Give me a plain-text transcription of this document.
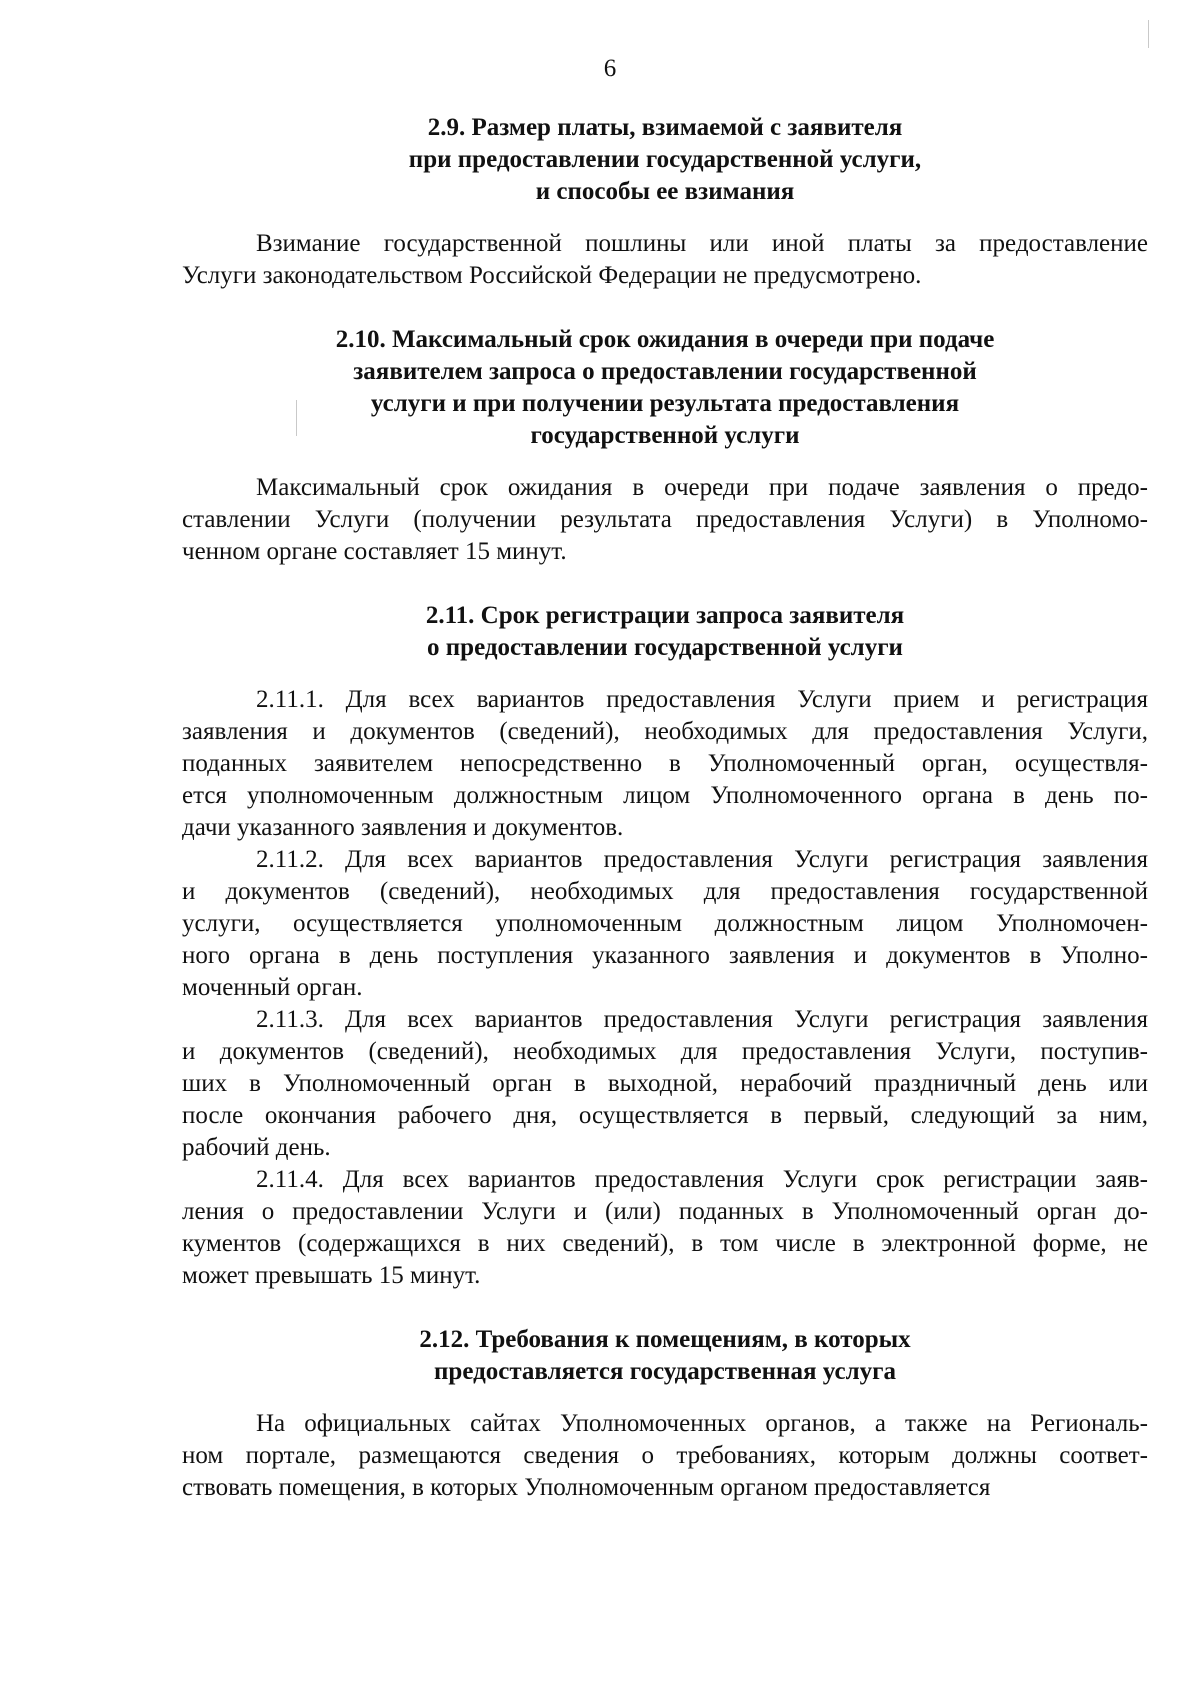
6
2.9. Размер платы, взимаемой с заявителя
при предоставлении государственной услуги,
и способы ее взимания
Взимание государственной пошлины или иной платы за предоставление
Услуги законодательством Российской Федерации не предусмотрено.
2.10. Максимальный срок ожидания в очереди при подаче
заявителем запроса о предоставлении государственной
услуги и при получении результата предоставления
государственной услуги
Максимальный срок ожидания в очереди при подаче заявления о предо-
ставлении Услуги (получении результата предоставления Услуги) в Уполномо-
ченном органе составляет 15 минут.
2.11. Срок регистрации запроса заявителя
о предоставлении государственной услуги
2.11.1. Для всех вариантов предоставления Услуги прием и регистрация
заявления и документов (сведений), необходимых для предоставления Услуги,
поданных заявителем непосредственно в Уполномоченный орган, осуществля-
ется уполномоченным должностным лицом Уполномоченного органа в день по-
дачи указанного заявления и документов.
2.11.2. Для всех вариантов предоставления Услуги регистрация заявления
и документов (сведений), необходимых для предоставления государственной
услуги, осуществляется уполномоченным должностным лицом Уполномочен-
ного органа в день поступления указанного заявления и документов в Уполно-
моченный орган.
2.11.3. Для всех вариантов предоставления Услуги регистрация заявления
и документов (сведений), необходимых для предоставления Услуги, поступив-
ших в Уполномоченный орган в выходной, нерабочий праздничный день или
после окончания рабочего дня, осуществляется в первый, следующий за ним,
рабочий день.
2.11.4. Для всех вариантов предоставления Услуги срок регистрации заяв-
ления о предоставлении Услуги и (или) поданных в Уполномоченный орган до-
кументов (содержащихся в них сведений), в том числе в электронной форме, не
может превышать 15 минут.
2.12. Требования к помещениям, в которых
предоставляется государственная услуга
На официальных сайтах Уполномоченных органов, а также на Региональ-
ном портале, размещаются сведения о требованиях, которым должны соответ-
ствовать помещения, в которых Уполномоченным органом предоставляется
